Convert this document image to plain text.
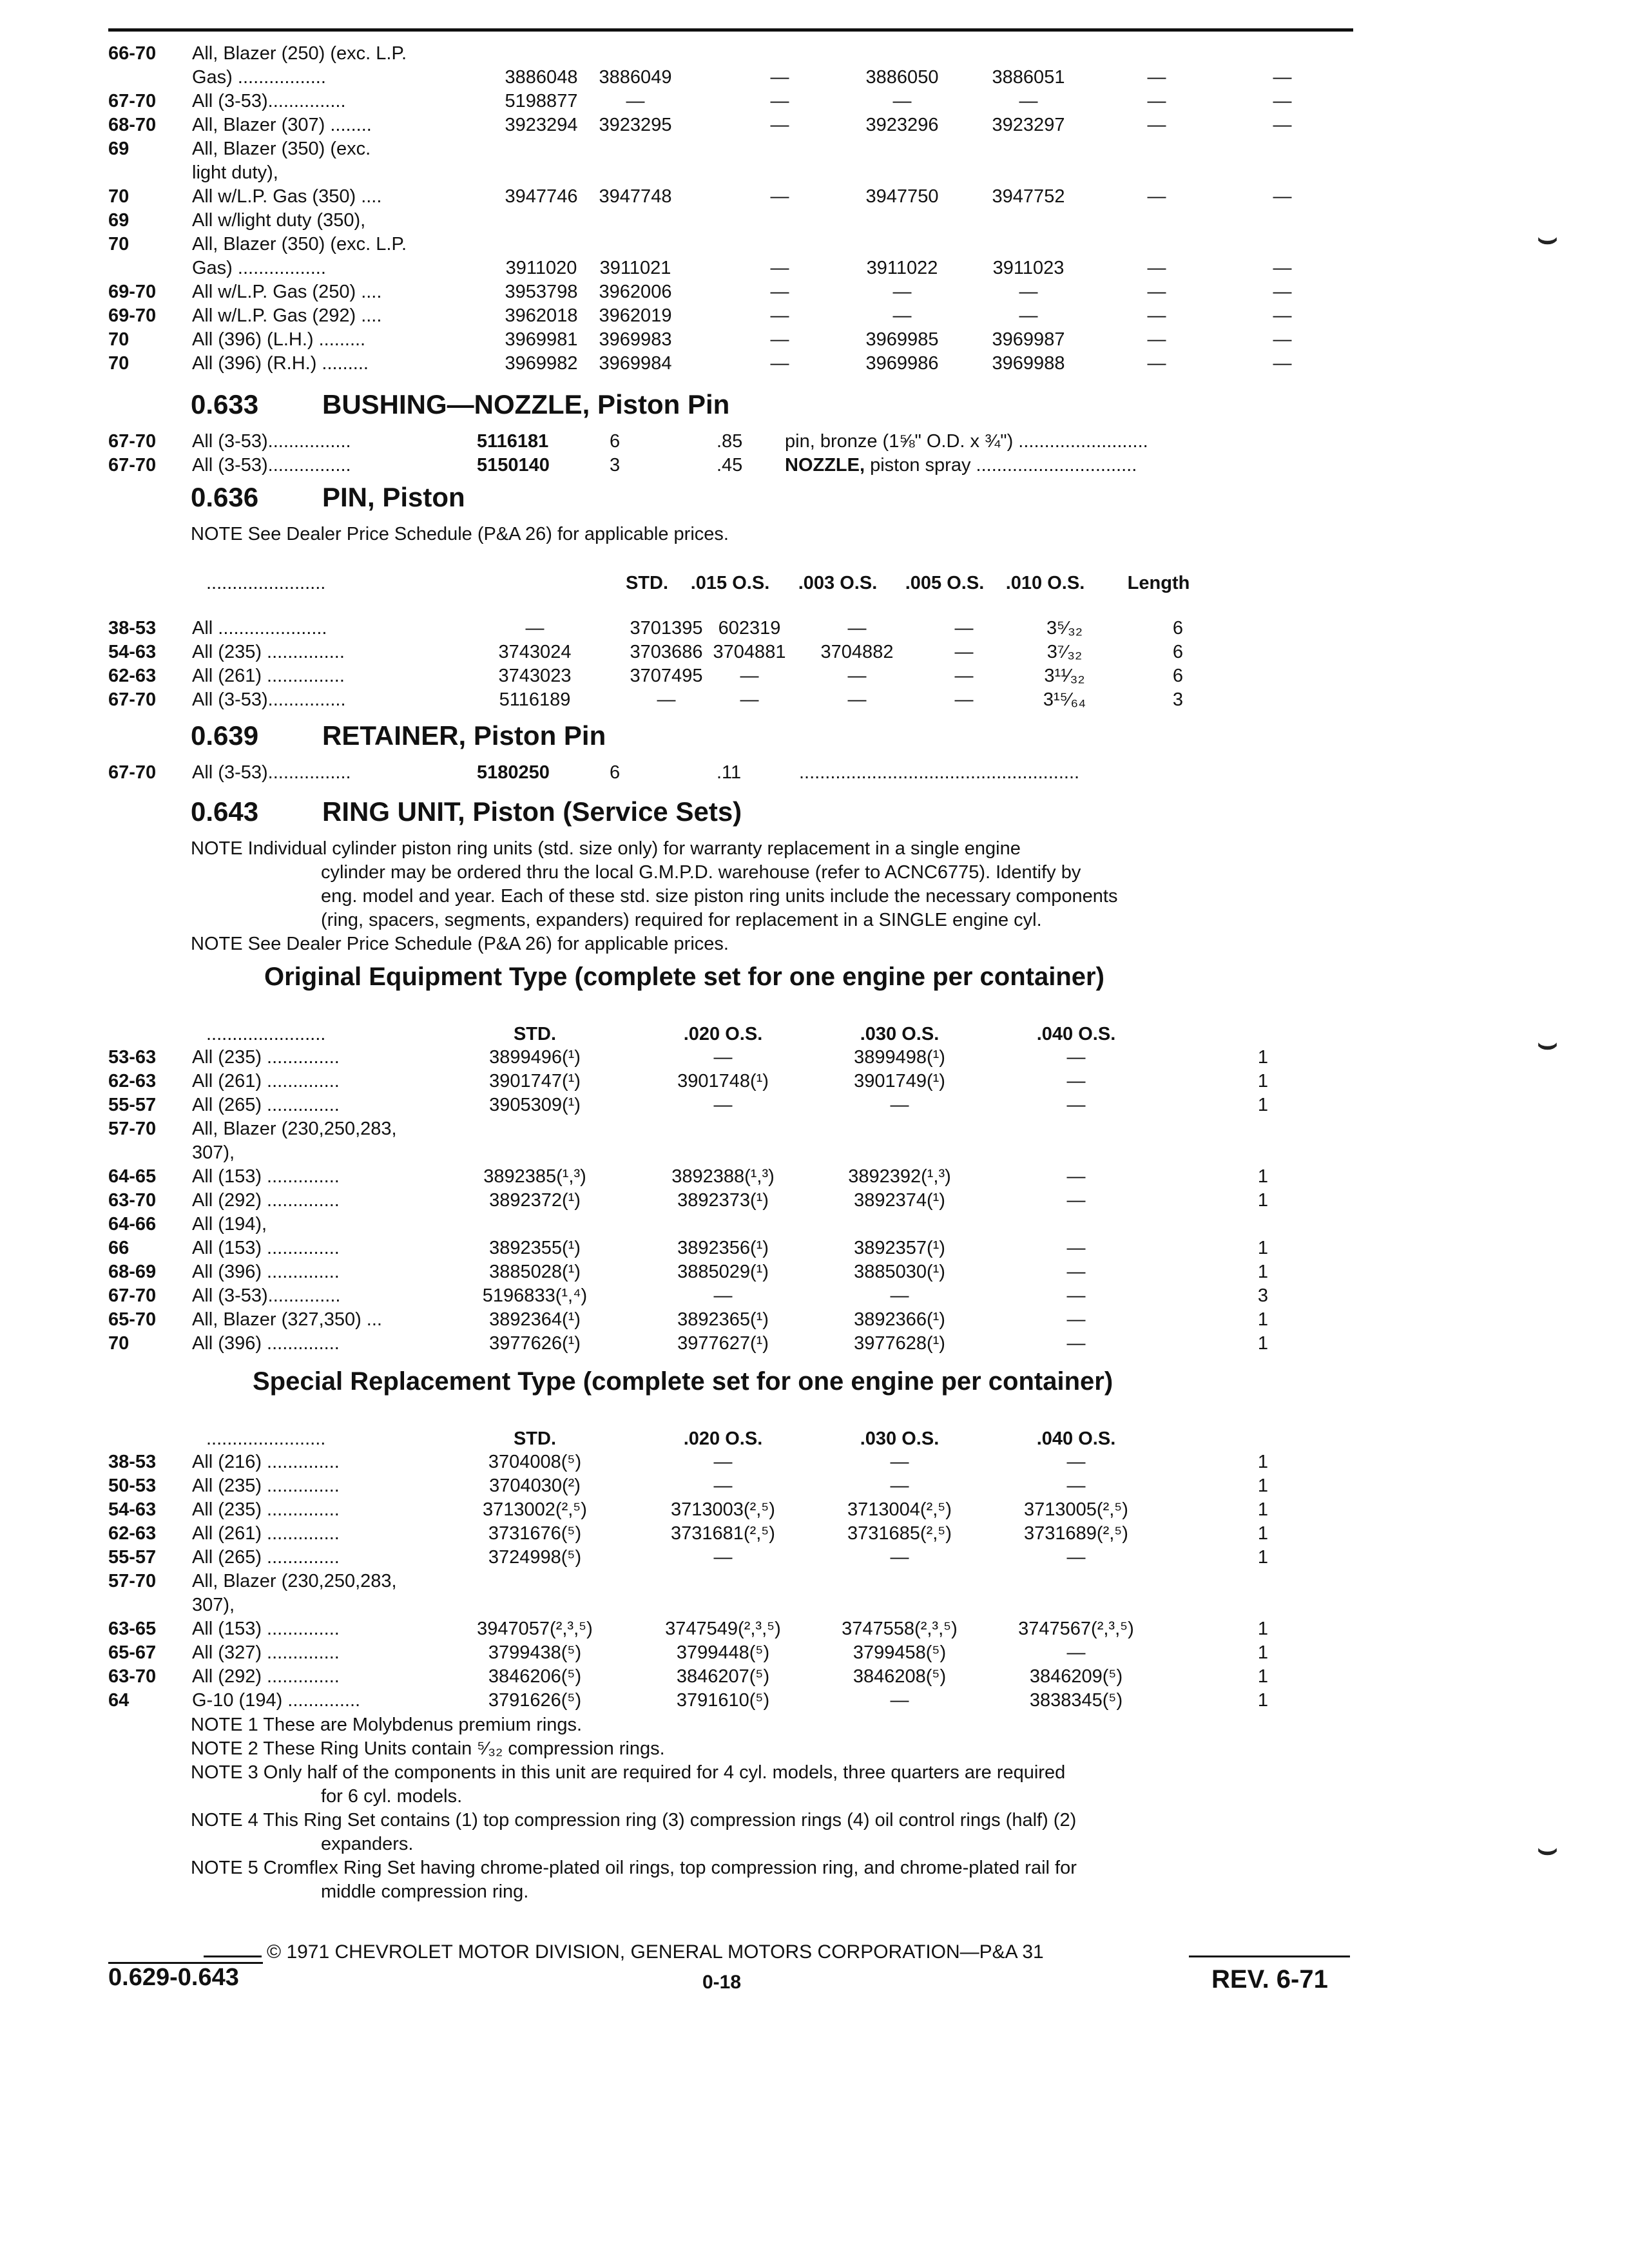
66-70 All, Blazer (250) (exc. L.P.
Gas) .................	3886048	3886049	—	3886050	3886051	—	—
67-70 All (3-53)...............	5198877	—	—	—	—	—	—
68-70 All, Blazer (307) ........	3923294	3923295	—	3923296	3923297	—	—
69	All, Blazer (350) (exc.
light duty),
70	All w/L.P. Gas (350) ....	3947746	3947748	—	3947750	3947752	—	—
69	All w/light duty (350),
70	All, Blazer (350) (exc. L.P.
Gas) .................	3911020	3911021	—	3911022	3911023	—	—
69-70 All w/L.P. Gas (250) ....	3953798	3962006	—	—	—	—	—
69-70 All w/L.P. Gas (292) ....	3962018	3962019	—	—	—	—	—
70	All (396) (L.H.) .........	3969981	3969983	—	3969985	3969987	—	—
70	All (396) (R.H.) .........	3969982	3969984	—	3969986	3969988	—	—
0.633 BUSHING—NOZZLE, Piston Pin
67-70 All (3-53)................	5116181	6	.85 pin, bronze (1⅝" O.D. x ¾") .........................
67-70 All (3-53)................	5150140	3	.45 NOZZLE, piston spray ...............................
0.636 PIN, Piston
NOTE See Dealer Price Schedule (P&A 26) for applicable prices.
.......................	STD.	.015 O.S.	.003 O.S.	.005 O.S.	.010 O.S.	Length
38-53 All .....................	—	3701395 602319	—	—	3⁵⁄₃₂	6
54-63 All (235) ...............	3743024	3703686 3704881	3704882	—	3⁷⁄₃₂	6
62-63 All (261) ...............	3743023	3707495	—	—	—	3¹¹⁄₃₂	6
67-70 All (3-53)...............	5116189	—	—	—	—	3¹⁵⁄₆₄	3
0.639 RETAINER, Piston Pin
67-70 All (3-53)................	5180250	6	.11	......................................................
0.643 RING UNIT, Piston (Service Sets)
NOTE Individual cylinder piston ring units (std. size only) for warranty replacement in a single engine
cylinder may be ordered thru the local G.M.P.D. warehouse (refer to ACNC6775). Identify by
eng. model and year. Each of these std. size piston ring units include the necessary components
(ring, spacers, segments, expanders) required for replacement in a SINGLE engine cyl.
NOTE See Dealer Price Schedule (P&A 26) for applicable prices.
Original Equipment Type (complete set for one engine per container)
.......................	STD.	.020 O.S.	.030 O.S.	.040 O.S.
53-63 All (235) ..............	3899496(¹)	—	3899498(¹)	—	1
62-63 All (261) ..............	3901747(¹)	3901748(¹)	3901749(¹)	—	1
55-57 All (265) ..............	3905309(¹)	—	—	—	1
57-70 All, Blazer (230,250,283,
307),
64-65 All (153) ..............	3892385(¹,³)	3892388(¹,³)	3892392(¹,³)	—	1
63-70 All (292) ..............	3892372(¹)	3892373(¹)	3892374(¹)	—	1
64-66 All (194),
66	All (153) ..............	3892355(¹)	3892356(¹)	3892357(¹)	—	1
68-69 All (396) ..............	3885028(¹)	3885029(¹)	3885030(¹)	—	1
67-70 All (3-53)..............	5196833(¹,⁴)	—	—	—	3
65-70 All, Blazer (327,350) ...	3892364(¹)	3892365(¹)	3892366(¹)	—	1
70	All (396) ..............	3977626(¹)	3977627(¹)	3977628(¹)	—	1
Special Replacement Type (complete set for one engine per container)
.......................	STD.	.020 O.S.	.030 O.S.	.040 O.S.
38-53 All (216) ..............	3704008(⁵)	—	—	—	1
50-53 All (235) ..............	3704030(²)	—	—	—	1
54-63 All (235) ..............	3713002(²,⁵)	3713003(²,⁵)	3713004(²,⁵)	3713005(²,⁵)	1
62-63 All (261) ..............	3731676(⁵)	3731681(²,⁵)	3731685(²,⁵)	3731689(²,⁵)	1
55-57 All (265) ..............	3724998(⁵)	—	—	—	1
57-70 All, Blazer (230,250,283,
307),
63-65 All (153) ..............	3947057(²,³,⁵)	3747549(²,³,⁵)	3747558(²,³,⁵)	3747567(²,³,⁵)	1
65-67 All (327) ..............	3799438(⁵)	3799448(⁵)	3799458(⁵)	—	1
63-70 All (292) ..............	3846206(⁵)	3846207(⁵)	3846208(⁵)	3846209(⁵)	1
64	G-10 (194) ..............	3791626(⁵)	3791610(⁵)	—	3838345(⁵)	1
NOTE 1 These are Molybdenus premium rings.
NOTE 2 These Ring Units contain ⁵⁄₃₂ compression rings.
NOTE 3 Only half of the components in this unit are required for 4 cyl. models, three quarters are required
for 6 cyl. models.
NOTE 4 This Ring Set contains (1) top compression ring (3) compression rings (4) oil control rings (half) (2)
expanders.
NOTE 5 Cromflex Ring Set having chrome-plated oil rings, top compression ring, and chrome-plated rail for
middle compression ring.
⌣
⌣
⌣
© 1971 CHEVROLET MOTOR DIVISION, GENERAL MOTORS CORPORATION—P&A 31
0.629-0.643	0-18	REV. 6-71
